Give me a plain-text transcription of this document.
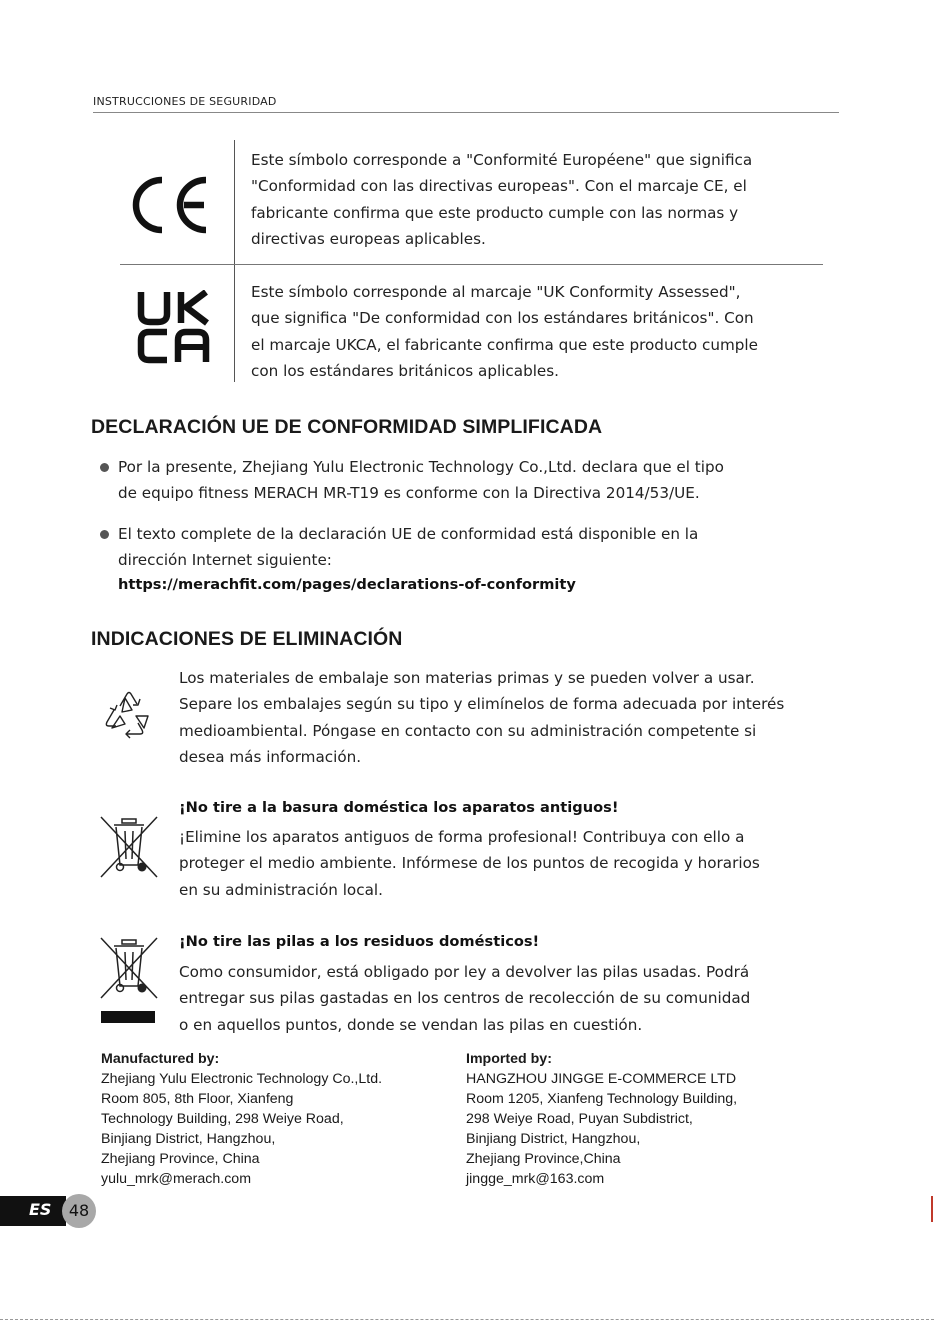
INSTRUCCIONES DE SEGURIDAD
Este símbolo corresponde a "Conformité Européene" que significa
"Conformidad con las directivas europeas". Con el marcaje CE, el
fabricante confirma que este producto cumple con las normas y
directivas europeas aplicables.
Este símbolo corresponde al marcaje "UK Conformity Assessed",
que significa "De conformidad con los estándares británicos". Con
el marcaje UKCA, el fabricante confirma que este producto cumple
con los estándares británicos aplicables.
DECLARACIÓN UE DE CONFORMIDAD SIMPLIFICADA
Por la presente, Zhejiang Yulu Electronic Technology Co.,Ltd. declara que el tipo
de equipo fitness MERACH MR-T19 es conforme con la Directiva 2014/53/UE.
El texto complete de la declaración UE de conformidad está disponible en la
dirección Internet siguiente:
https://merachfit.com/pages/declarations-of-conformity
INDICACIONES DE ELIMINACIÓN
Los materiales de embalaje son materias primas y se pueden volver a usar.
Separe los embalajes según su tipo y elimínelos de forma adecuada por interés
medioambiental. Póngase en contacto con su administración competente si
desea más información.
¡No tire a la basura doméstica los aparatos antiguos!
¡Elimine los aparatos antiguos de forma profesional! Contribuya con ello a
proteger el medio ambiente. Infórmese de los puntos de recogida y horarios
en su administración local.
¡No tire las pilas a los residuos domésticos!
Como consumidor, está obligado por ley a devolver las pilas usadas. Podrá
entregar sus pilas gastadas en los centros de recolección de su comunidad
o en aquellos puntos, donde se vendan las pilas en cuestión.
Manufactured by:
Zhejiang Yulu Electronic Technology Co.,Ltd.
Room 805, 8th Floor, Xianfeng
Technology Building, 298 Weiye Road,
Binjiang District, Hangzhou,
Zhejiang Province, China
yulu_mrk@merach.com
Imported by:
HANGZHOU JINGGE E-COMMERCE LTD
Room 1205, Xianfeng Technology Building,
298 Weiye Road, Puyan Subdistrict,
Binjiang District, Hangzhou,
Zhejiang Province,China
jingge_mrk@163.com
ES	48
